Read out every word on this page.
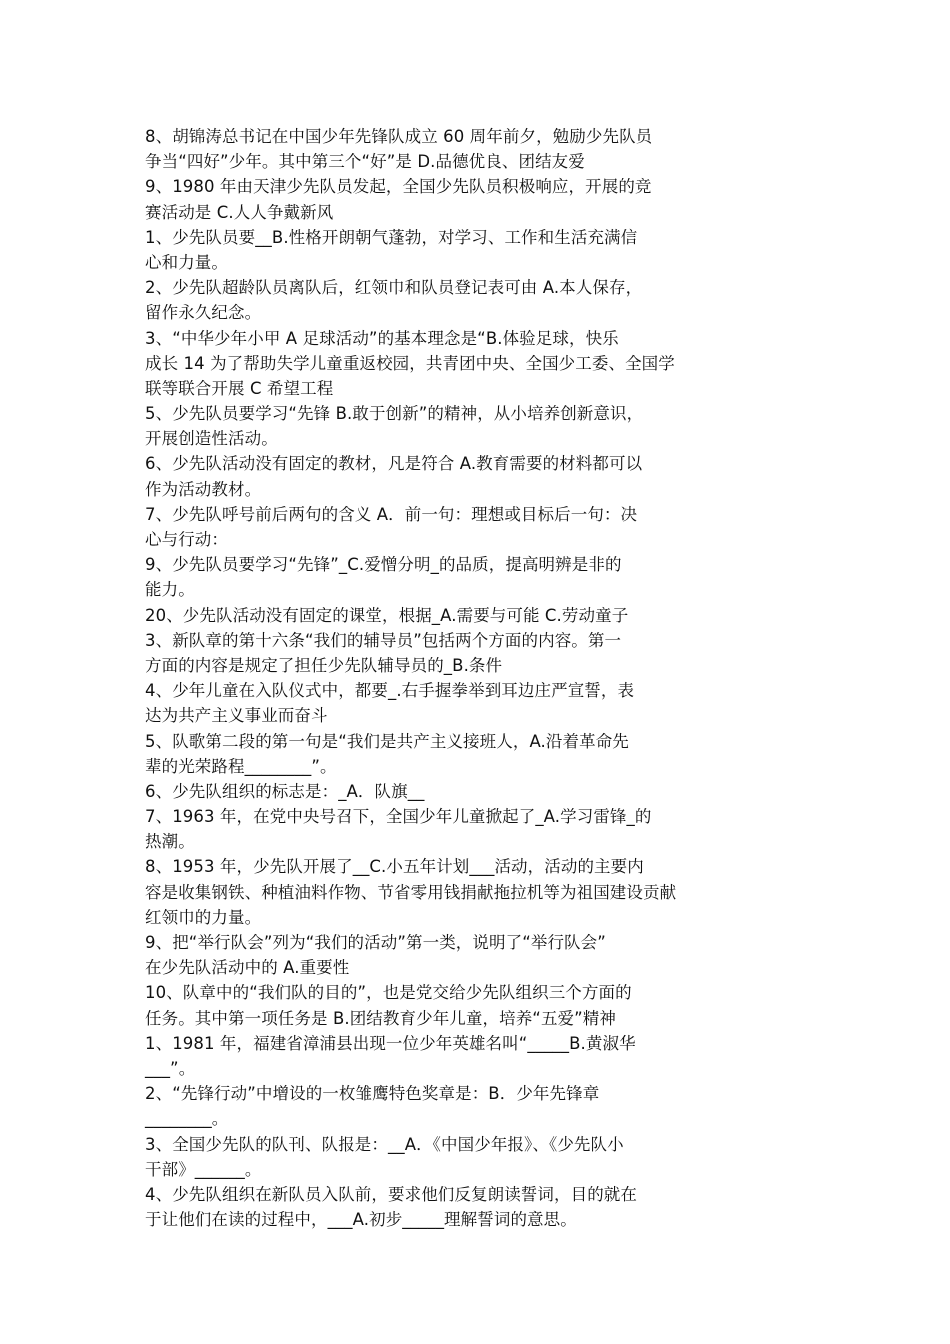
8、胡锦涛总书记在中国少年先锋队成立 60 周年前夕，勉励少先队员
争当“四好”少年。其中第三个“好”是 D.品德优良、团结友爱
9、1980 年由天津少先队员发起，全国少先队员积极响应，开展的竞
赛活动是 C.人人争戴新风
1、少先队员要__B.性格开朗朝气蓬勃，对学习、工作和生活充满信
心和力量。
2、少先队超龄队员离队后，红领巾和队员登记表可由 A.本人保存，
留作永久纪念。
3、“中华少年小甲 A 足球活动”的基本理念是“B.体验足球，快乐
成长 14 为了帮助失学儿童重返校园，共青团中央、全国少工委、全国学
联等联合开展 C 希望工程
5、少先队员要学习“先锋 B.敢于创新”的精神，从小培养创新意识，
开展创造性活动。
6、少先队活动没有固定的教材，凡是符合 A.教育需要的材料都可以
作为活动教材。
7、少先队呼号前后两句的含义 A．前一句：理想或目标后一句：决
心与行动：
9、少先队员要学习“先锋”_C.爱憎分明_的品质，提高明辨是非的
能力。
20、少先队活动没有固定的课堂，根据_A.需要与可能 C.劳动童子
3、新队章的第十六条“我们的辅导员”包括两个方面的内容。第一
方面的内容是规定了担任少先队辅导员的_B.条件
4、少年儿童在入队仪式中，都要_.右手握拳举到耳边庄严宣誓，表
达为共产主义事业而奋斗
5、队歌第二段的第一句是“我们是共产主义接班人，A.沿着革命先
辈的光荣路程________”。
6、少先队组织的标志是：_A．队旗__
7、1963 年，在党中央号召下，全国少年儿童掀起了_A.学习雷锋_的
热潮。
8、1953 年，少先队开展了__C.小五年计划___活动，活动的主要内
容是收集钢铁、种植油料作物、节省零用钱捐献拖拉机等为祖国建设贡献
红领巾的力量。
9、把“举行队会”列为“我们的活动”第一类，说明了“举行队会”
在少先队活动中的 A.重要性
10、队章中的“我们队的目的”，也是党交给少先队组织三个方面的
任务。其中第一项任务是 B.团结教育少年儿童，培养“五爱”精神
1、1981 年，福建省漳浦县出现一位少年英雄名叫“_____B.黄淑华
___”。
2、“先锋行动”中增设的一枚雏鹰特色奖章是：B．少年先锋章
________。
3、全国少先队的队刊、队报是：__A．《中国少年报》、《少先队小
干部》______。
4、少先队组织在新队员入队前，要求他们反复朗读誓词，目的就在
于让他们在读的过程中，___A.初步_____理解誓词的意思。
